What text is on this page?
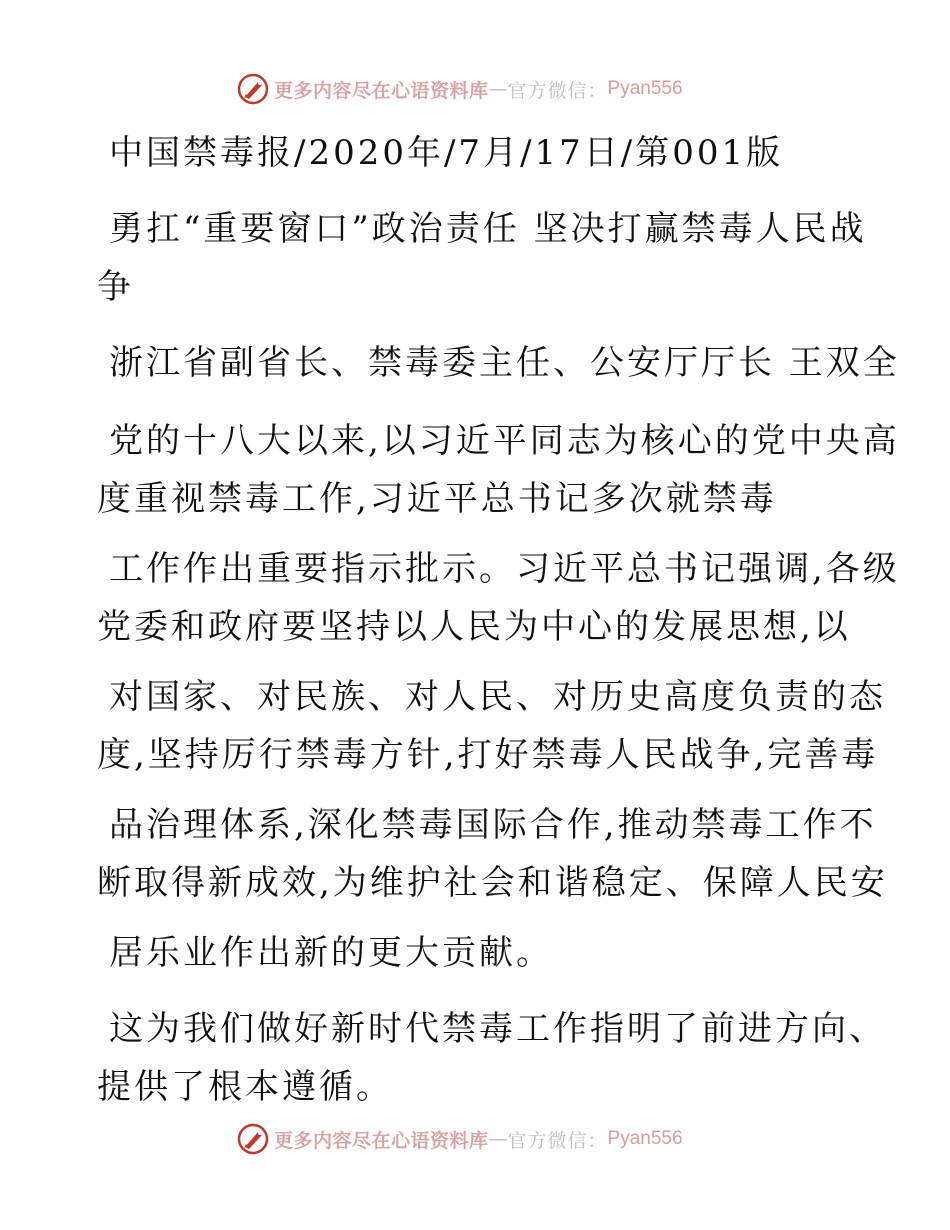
更多内容尽在心语资料库 — 官方微信： Pyan556

中国禁毒报/2020年/7月/17日/第001版

勇扛“重要窗口”政治责任 坚决打赢禁毒人民战

争

浙江省副省长、禁毒委主任、公安厅厅长 王双全

党的十八大以来,以习近平同志为核心的党中央高

度重视禁毒工作,习近平总书记多次就禁毒

工作作出重要指示批示。习近平总书记强调,各级

党委和政府要坚持以人民为中心的发展思想,以

对国家、对民族、对人民、对历史高度负责的态

度,坚持厉行禁毒方针,打好禁毒人民战争,完善毒

品治理体系,深化禁毒国际合作,推动禁毒工作不

断取得新成效,为维护社会和谐稳定、保障人民安

居乐业作出新的更大贡献。

这为我们做好新时代禁毒工作指明了前进方向、

提供了根本遵循。

更多内容尽在心语资料库 — 官方微信： Pyan556
